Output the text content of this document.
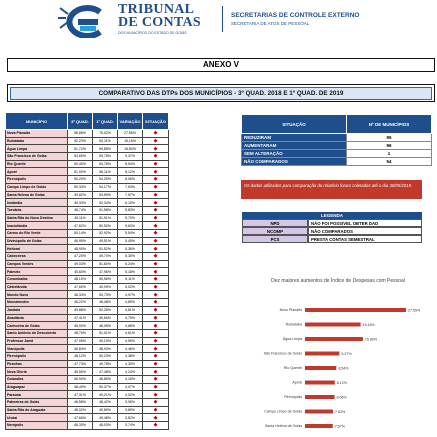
TRIBUNAL
DE CONTAS
DOS MUNICÍPIOS DO ESTADO DE GOIÁS
SECRETARIAS DE CONTROLE EXTERNO
SECRETARIA DE ATOS DE PESSOAL
ANEXO V
COMPARATIVO DAS DTPs DOS MUNICÍPIOS - 3º QUAD. 2018 E 1º QUAD. DE 2019
MUNICÍPIO	3º QUAD.	1º QUAD.	VARIAÇÃO	SITUAÇÃO
Nova Planalto	58,88%	75,02%	27,55%	◆
Rubiataba	52,23%	60,11%	15,16%	◆
Água Limpa	51,72%	59,88%	15,80%	◆
São Francisco de Goiás	54,65%	59,76%	9,37%	◆
Rio Quente	50,45%	54,76%	8,54%	◆
Aporé	51,90%	56,11%	8,12%	◆
Pirenópolis	50,20%	54,25%	8,06%	◆
Campo Limpo de Goiás	50,33%	54,17%	7,63%	◆
Santa Helena de Goiás	49,82%	53,59%	7,57%	◆
Ivolândia	49,33%	52,34%	6,10%	◆
Turvânia	48,74%	51,58%	5,83%	◆
Santa Rita do Novo Destino	49,11%	51,91%	5,70%	◆
Inaciolândia	47,82%	50,50%	5,60%	◆
Carmo do Rio Verde	50,14%	52,92%	5,54%	◆
Divinópolis de Goiás	46,95%	49,51%	5,45%	◆
Heitoraí	48,90%	51,52%	5,36%	◆
Cabeceiras	47,20%	49,70%	5,30%	◆
Campos Verdes	49,03%	51,60%	5,24%	◆
Palmelo	45,60%	47,96%	5,18%	◆
Corumbaíba	48,10%	50,56%	5,11%	◆
Castelândia	47,60%	49,99%	5,02%	◆
Mundo Novo	48,33%	50,73%	4,97%	◆
Mossâmedes	46,22%	48,48%	4,89%	◆
Jandaia	49,88%	52,28%	4,81%	◆
Abadiânia	47,41%	49,66%	4,75%	◆
Cachoeira de Goiás	45,90%	48,05%	4,68%	◆
Santo Antônio do Descoberto	48,76%	51,01%	4,61%	◆
Professor Jamil	47,05%	49,19%	4,55%	◆
Vianópolis	46,84%	48,93%	4,46%	◆
Pirenópolis	48,12%	50,23%	4,38%	◆
Piranhas	47,73%	49,78%	4,30%	◆
Nova Glória	45,55%	47,48%	4,24%	◆
Goiandira	46,90%	48,85%	4,16%	◆
Araguapaz	48,40%	50,37%	4,07%	◆
Paraúna	47,31%	49,21%	4,02%	◆
Palmeiras de Goiás	46,58%	48,42%	3,95%	◆
Santa Rita do Araguaia	48,02%	49,89%	3,89%	◆
Urutaí	47,66%	49,48%	3,82%	◆
Nerópolis	46,30%	48,03%	3,74%	◆
SITUAÇÃO	Nº DE MUNICÍPIOS
REDUZIRAM	95
AUMENTARAM	96
SEM ALTERAÇÃO	1
NÃO COMPARADOS	54
Os dados utilizados para comparação do relatório foram coletados até o dia 30/05/2019.
LEGENDA
NPD	NÃO FOI POSSÍVEL OBTER DAD
NCOMP	NÃO COMPARADOS
PCS	PRESTA CONTAS SEMESTRAL
Dez maiores aumentos de Índice de Despesas com Pessoal
Novo Planalto	27,55%
Rubiataba	15,16%
Água Limpa	15,80%
São Francisco de Goiás	9,37%
Rio Quente	8,54%
Aporé	8,12%
Pirenópolis	8,06%
Campo Limpo de Goiás	7,63%
Santa Helena de Goiás	7,57%
